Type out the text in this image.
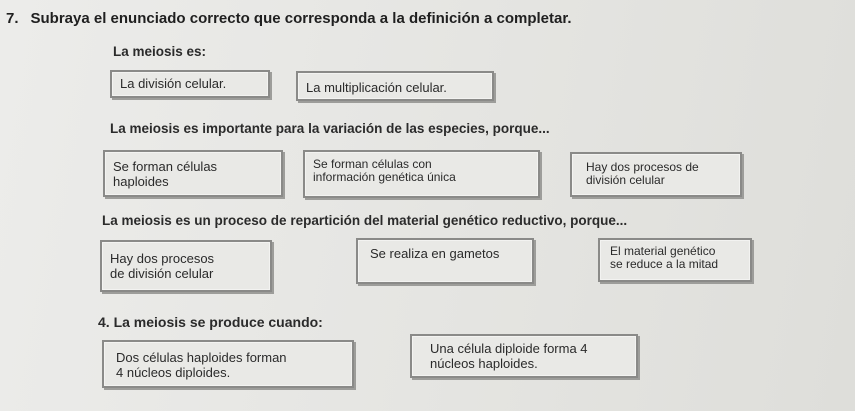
7. Subraya el enunciado correcto que corresponda a la definición a completar.
La meiosis es:
La división celular.	La multiplicación celular.
La meiosis es importante para la variación de las especies, porque...
Se forman células
haploides
Se forman células con
información genética única
Hay dos procesos de
división celular
La meiosis es un proceso de repartición del material genético reductivo, porque...
Hay dos procesos
de división celular
Se realiza en gametos	El material genético
se reduce a la mitad
4. La meiosis se produce cuando:
Dos células haploides forman
4 núcleos diploides.
Una célula diploide forma 4
núcleos haploides.
